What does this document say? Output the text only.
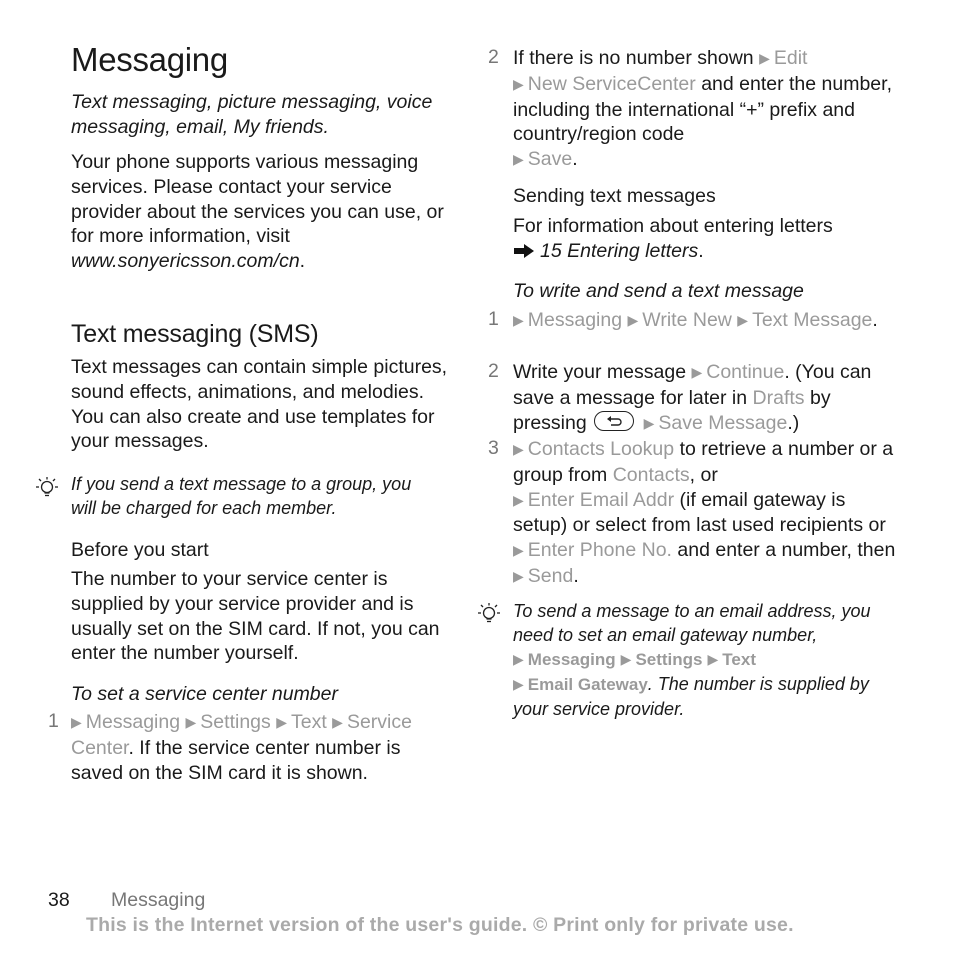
Messaging

Text messaging, picture messaging, voice messaging, email, My friends.

Your phone supports various messaging services. Please contact your service provider about the services you can use, or for more information, visit www.sonyericsson.com/cn.

Text messaging (SMS)

Text messages can contain simple pictures, sound effects, animations, and melodies. You can also create and use templates for your messages.

If you send a text message to a group, you will be charged for each member.

Before you start

The number to your service center is supplied by your service provider and is usually set on the SIM card. If not, you can enter the number yourself.

To set a service center number
1 ▶ Messaging ▶ Settings ▶ Text ▶ Service Center. If the service center number is saved on the SIM card it is shown.

2 If there is no number shown ▶ Edit
▶ New ServiceCenter and enter the number, including the international “+” prefix and country/region code
▶ Save.

Sending text messages

For information about entering letters
15 Entering letters.

To write and send a text message
1 ▶ Messaging ▶ Write New ▶ Text Message.

2 Write your message ▶ Continue. (You can save a message for later in Drafts by pressing	▶ Save Message.)

3 ▶ Contacts Lookup to retrieve a number or a group from Contacts, or
▶ Enter Email Addr (if email gateway is setup) or select from last used recipients or ▶ Enter Phone No. and enter a number, then ▶ Send.

To send a message to an email address, you need to set an email gateway number, ▶ Messaging ▶ Settings ▶ Text
▶ Email Gateway. The number is supplied by your service provider.

38 Messaging
This is the Internet version of the user's guide. © Print only for private use.
